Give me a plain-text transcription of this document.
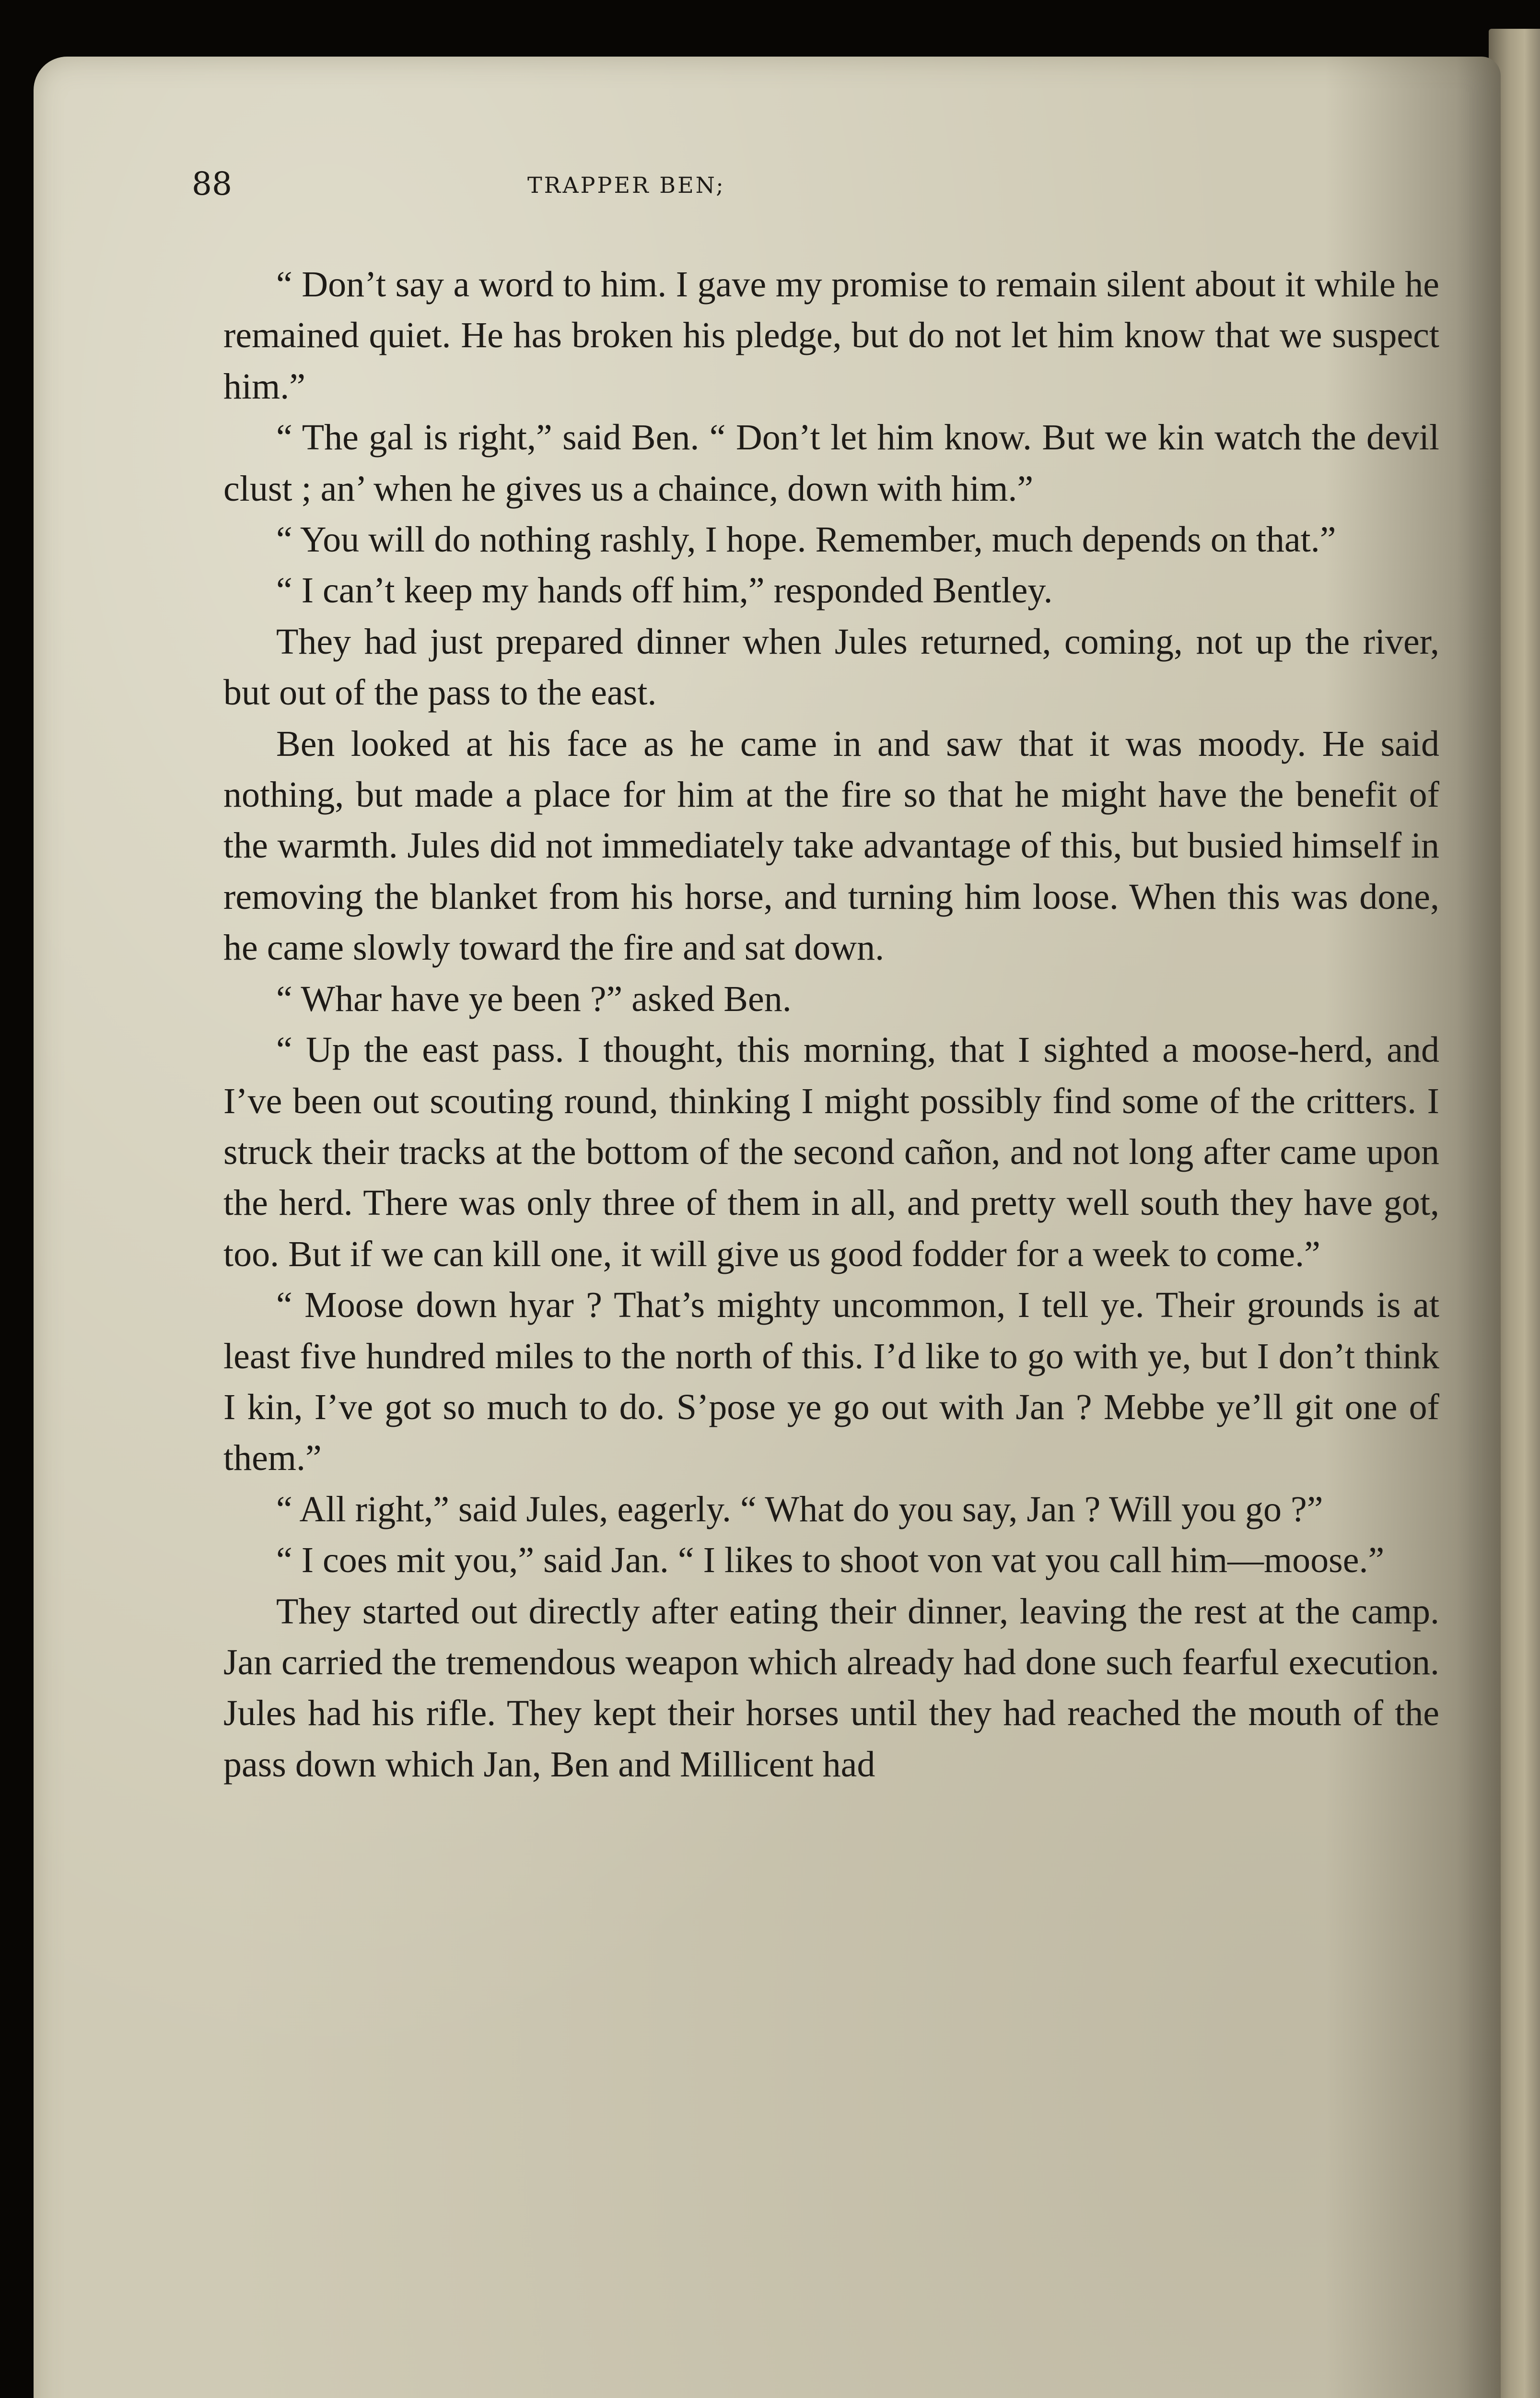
88	TRAPPER BEN;

“ Don’t say a word to him. I gave my promise to remain silent about it while he remained quiet. He has broken his pledge, but do not let him know that we suspect him.”

“ The gal is right,” said Ben. “ Don’t let him know. But we kin watch the devil clust ; an’ when he gives us a chaince, down with him.”

“ You will do nothing rashly, I hope. Remember, much depends on that.”

“ I can’t keep my hands off him,” responded Bentley.

They had just prepared dinner when Jules returned, coming, not up the river, but out of the pass to the east.

Ben looked at his face as he came in and saw that it was moody. He said nothing, but made a place for him at the fire so that he might have the benefit of the warmth. Jules did not immediately take advantage of this, but busied himself in removing the blanket from his horse, and turning him loose. When this was done, he came slowly toward the fire and sat down.

“ Whar have ye been ?” asked Ben.

“ Up the east pass. I thought, this morning, that I sighted a moose-herd, and I’ve been out scouting round, thinking I might possibly find some of the critters. I struck their tracks at the bottom of the second cañon, and not long after came upon the herd. There was only three of them in all, and pretty well south they have got, too. But if we can kill one, it will give us good fodder for a week to come.”

“ Moose down hyar ? That’s mighty uncommon, I tell ye. Their grounds is at least five hundred miles to the north of this. I’d like to go with ye, but I don’t think I kin, I’ve got so much to do. S’pose ye go out with Jan ? Mebbe ye’ll git one of them.”

“ All right,” said Jules, eagerly. “ What do you say, Jan ? Will you go ?”

“ I coes mit you,” said Jan. “ I likes to shoot von vat you call him—moose.”

They started out directly after eating their dinner, leaving the rest at the camp. Jan carried the tremendous weapon which already had done such fearful execution. Jules had his rifle. They kept their horses until they had reached the mouth of the pass down which Jan, Ben and Millicent had
